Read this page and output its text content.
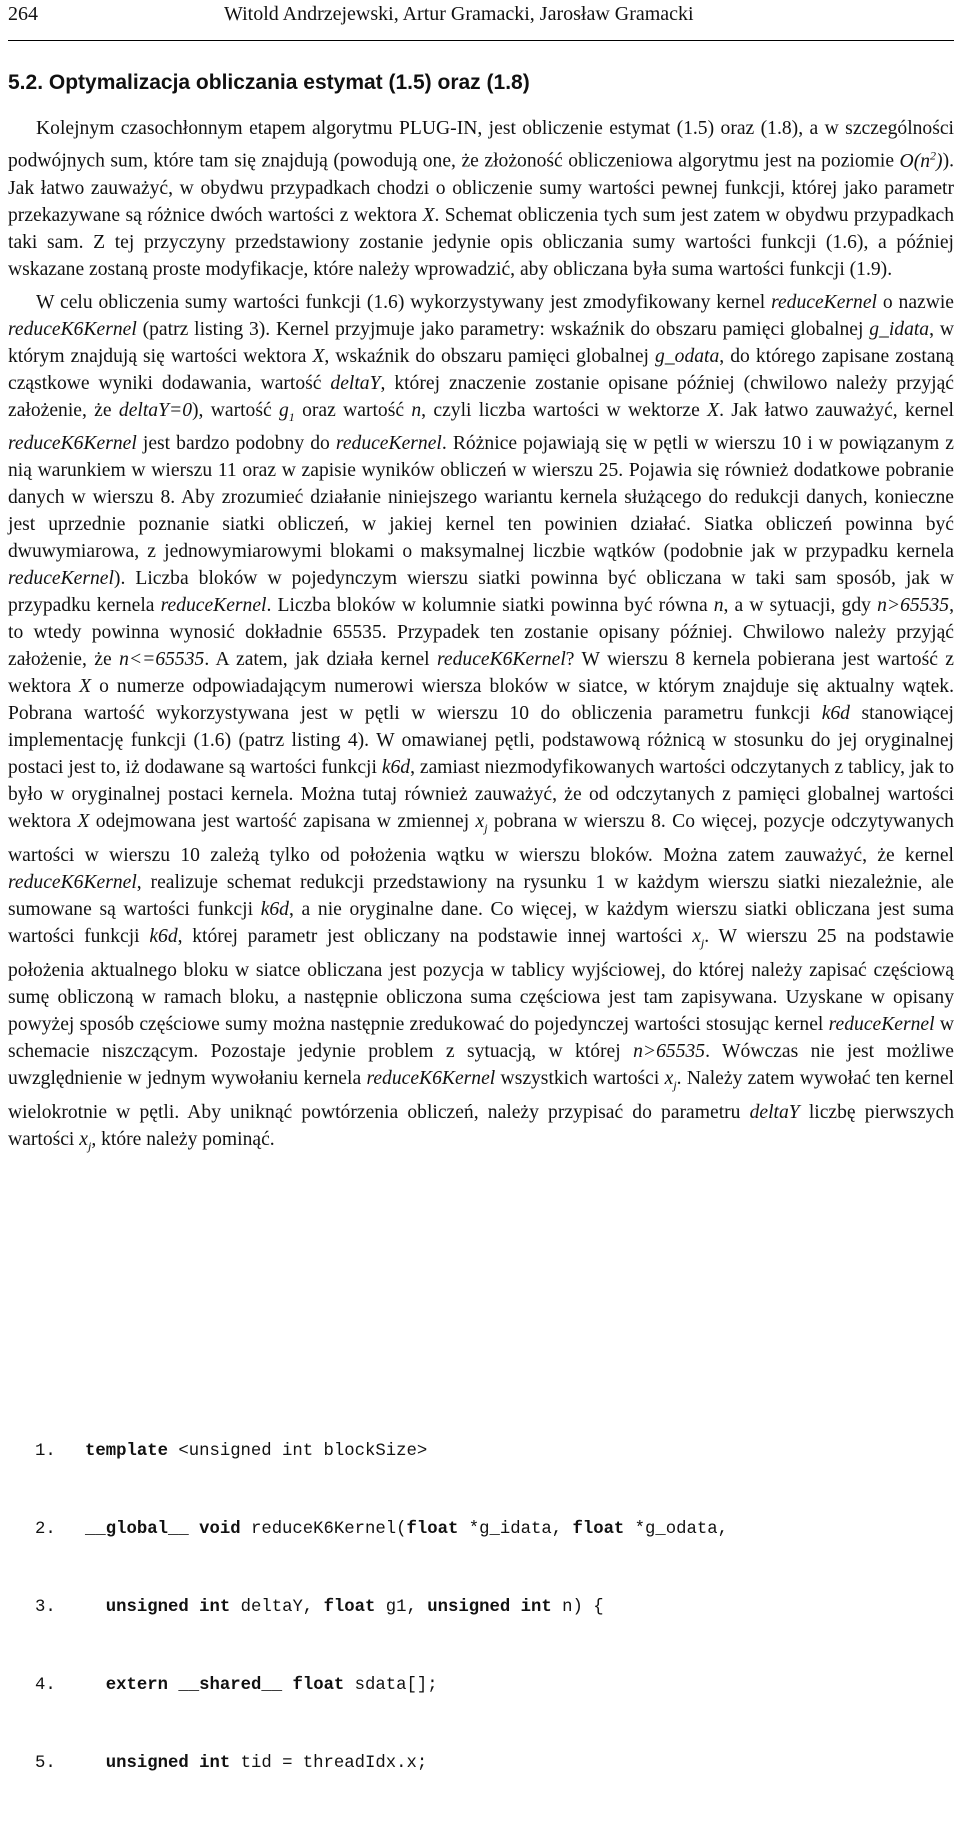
264	Witold Andrzejewski, Artur Gramacki, Jarosław Gramacki
5.2. Optymalizacja obliczania estymat (1.5) oraz (1.8)

Kolejnym czasochłonnym etapem algorytmu PLUG-IN, jest obliczenie estymat (1.5) oraz (1.8), a w szczególności podwójnych sum, które tam się znajdują (powodują one, że złożoność obliczeniowa algorytmu jest na poziomie $O(n^2)$). Jak łatwo zauważyć, w obydwu przypadkach chodzi o obliczenie sumy wartości pewnej funkcji, której jako parametr przekazywane są różnice dwóch wartości z wektora X. Schemat obliczenia tych sum jest zatem w obydwu przypadkach taki sam. Z tej przyczyny przedstawiony zostanie jedynie opis obliczania sumy wartości funkcji (1.6), a później wskazane zostaną proste modyfikacje, które należy wprowadzić, aby obliczana była suma wartości funkcji (1.9).

W celu obliczenia sumy wartości funkcji (1.6) wykorzystywany jest zmodyfikowany kernel reduceKernel o nazwie reduceK6Kernel (patrz listing 3). Kernel przyjmuje jako parametry: wskaźnik do obszaru pamięci globalnej g_idata, w którym znajdują się wartości wektora X, wskaźnik do obszaru pamięci globalnej g_odata, do którego zapisane zostaną cząstkowe wyniki dodawania, wartość deltaY, której znaczenie zostanie opisane później (chwilowo należy przyjąć założenie, że deltaY=0), wartość $g_1$ oraz wartość n, czyli liczba wartości w wektorze X. Jak łatwo zauważyć, kernel reduceK6Kernel jest bardzo podobny do reduceKernel. Różnice pojawiają się w pętli w wierszu 10 i w powiązanym z nią warunkiem w wierszu 11 oraz w zapisie wyników obliczeń w wierszu 25. Pojawia się również dodatkowe pobranie danych w wierszu 8. Aby zrozumieć działanie niniejszego wariantu kernela służącego do redukcji danych, konieczne jest uprzednie poznanie siatki obliczeń, w jakiej kernel ten powinien działać. Siatka obliczeń powinna być dwuwymiarowa, z jednowymiarowymi blokami o maksymalnej liczbie wątków (podobnie jak w przypadku kernela reduceKernel). Liczba bloków w pojedynczym wierszu siatki powinna być obliczana w taki sam sposób, jak w przypadku kernela reduceKernel. Liczba bloków w kolumnie siatki powinna być równa n, a w sytuacji, gdy n>65535, to wtedy powinna wynosić dokładnie 65535. Przypadek ten zostanie opisany później. Chwilowo należy przyjąć założenie, że n<=65535. A zatem, jak działa kernel reduceK6Kernel? W wierszu 8 kernela pobierana jest wartość z wektora X o numerze odpowiadającym numerowi wiersza bloków w siatce, w którym znajduje się aktualny wątek. Pobrana wartość wykorzystywana jest w pętli w wierszu 10 do obliczenia parametru funkcji k6d stanowiącej implementację funkcji (1.6) (patrz listing 4). W omawianej pętli, podstawową różnicą w stosunku do jej oryginalnej postaci jest to, iż dodawane są wartości funkcji k6d, zamiast niezmodyfikowanych wartości odczytanych z tablicy, jak to było w oryginalnej postaci kernela. Można tutaj również zauważyć, że od odczytanych z pamięci globalnej wartości wektora X odejmowana jest wartość zapisana w zmiennej $x_j$ pobrana w wierszu 8. Co więcej, pozycje odczytywanych wartości w wierszu 10 zależą tylko od położenia wątku w wierszu bloków. Można zatem zauważyć, że kernel reduceK6Kernel, realizuje schemat redukcji przedstawiony na rysunku 1 w każdym wierszu siatki niezależnie, ale sumowane są wartości funkcji k6d, a nie oryginalne dane. Co więcej, w każdym wierszu siatki obliczana jest suma wartości funkcji k6d, której parametr jest obliczany na podstawie innej wartości $x_j$. W wierszu 25 na podstawie położenia aktualnego bloku w siatce obliczana jest pozycja w tablicy wyjściowej, do której należy zapisać częściową sumę obliczoną w ramach bloku, a następnie obliczona suma częściowa jest tam zapisywana. Uzyskane w opisany powyżej sposób częściowe sumy można następnie zredukować do pojedynczej wartości stosując kernel reduceKernel w schemacie niszczącym. Pozostaje jedynie problem z sytuacją, w której n>65535. Wówczas nie jest możliwe uwzględnienie w jednym wywołaniu kernela reduceK6Kernel wszystkich wartości $x_j$. Należy zatem wywołać ten kernel wielokrotnie w pętli. Aby uniknąć powtórzenia obliczeń, należy przypisać do parametru deltaY liczbę pierwszych wartości $x_j$, które należy pominąć.

1. template <unsigned int blockSize>

2. __global__ void reduceK6Kernel(float *g_idata, float *g_odata,

3.	unsigned int deltaY, float g1, unsigned int n) {

4.	extern __shared__ float sdata[];

5.	unsigned int tid = threadIdx.x;
